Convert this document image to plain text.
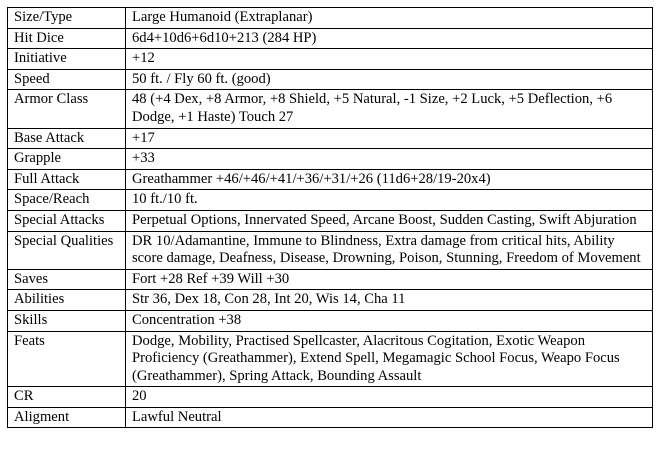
Size/Type	Large Humanoid (Extraplanar)
Hit Dice	6d4+10d6+6d10+213 (284 HP)
Initiative	+12
Speed	50 ft. / Fly 60 ft. (good)
Armor Class	48 (+4 Dex, +8 Armor, +8 Shield, +5 Natural, -1 Size, +2 Luck, +5 Deflection, +6 Dodge, +1 Haste) Touch 27
Base Attack	+17
Grapple	+33
Full Attack	Greathammer +46/+46/+41/+36/+31/+26 (11d6+28/19-20x4)
Space/Reach	10 ft./10 ft.
Special Attacks	Perpetual Options, Innervated Speed, Arcane Boost, Sudden Casting, Swift Abjuration
Special Qualities	DR 10/Adamantine, Immune to Blindness, Extra damage from critical hits, Ability score damage, Deafness, Disease, Drowning, Poison, Stunning, Freedom of Movement
Saves	Fort +28 Ref +39 Will +30
Abilities	Str 36, Dex 18, Con 28, Int 20, Wis 14, Cha 11
Skills	Concentration +38
Feats	Dodge, Mobility, Practised Spellcaster, Alacritous Cogitation, Exotic Weapon Proficiency (Greathammer), Extend Spell, Megamagic School Focus, Weapo Focus (Greathammer), Spring Attack, Bounding Assault
CR	20
Aligment	Lawful Neutral
